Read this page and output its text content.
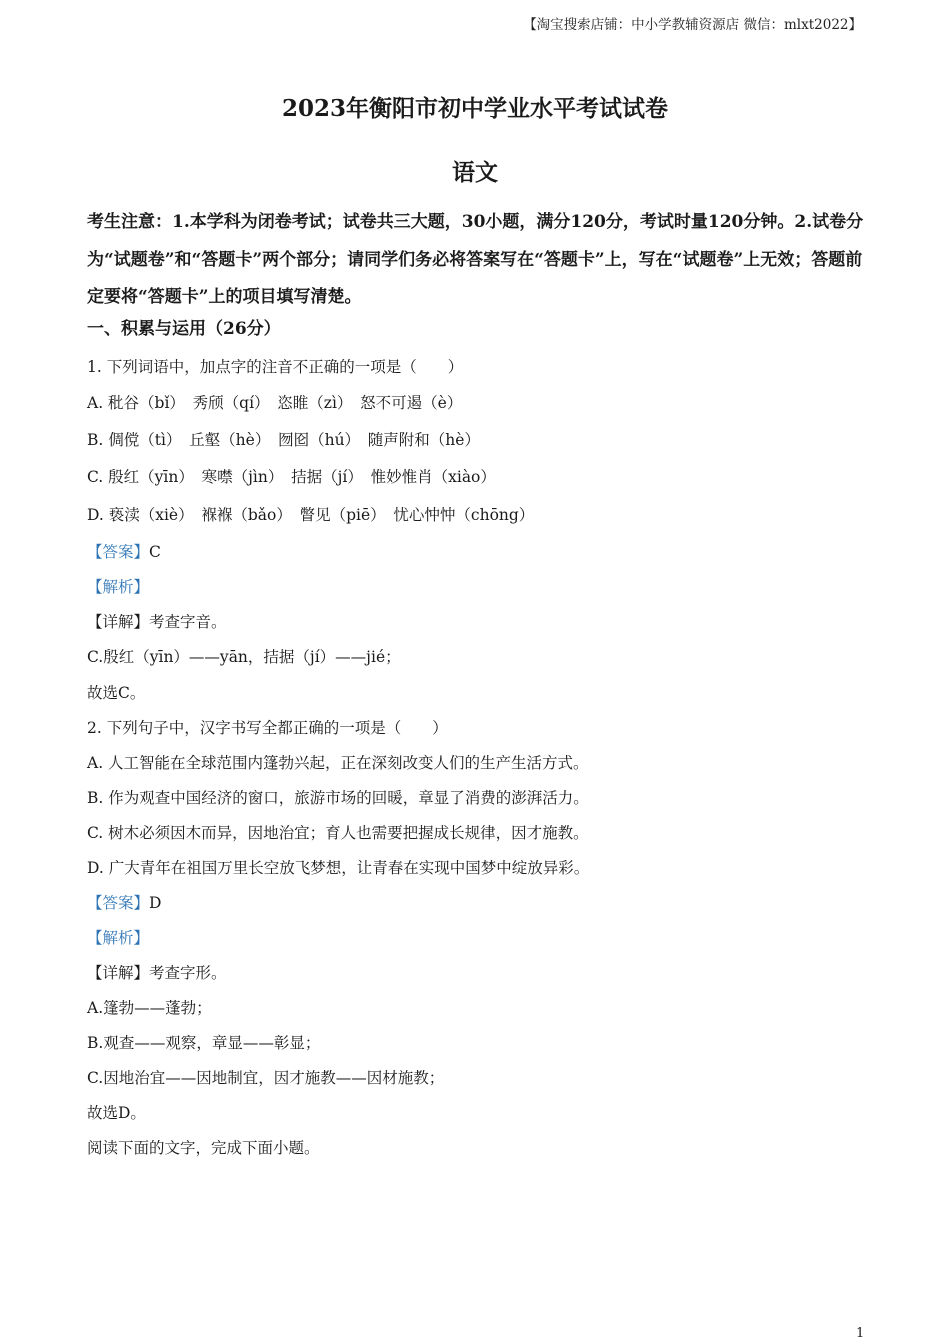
【淘宝搜索店铺：中小学教辅资源店 微信：mlxt2022】
2023年衡阳市初中学业水平考试试卷
语文
考生注意：1.本学科为闭卷考试；试卷共三大题，30小题，满分120分，考试时量120分钟。2.试卷分为“试题卷”和“答题卡”两个部分；请同学们务必将答案写在“答题卡”上，写在“试题卷”上无效；答题前定要将“答题卡”上的项目填写清楚。
一、积累与运用（26分）
1. 下列词语中，加点字的注音不正确的一项是（　　）
A. 秕谷（bǐ）　秀颀（qí）　恣睢（zì）　怒不可遏（è）
B. 倜傥（tì）　丘壑（hè）　囫囵（hú）　随声附和（hè）
C. 殷红（yīn）　寒噤（jìn）　拮据（jí）　惟妙惟肖（xiào）
D. 亵渎（xiè）　褓褓（bǎo）　瞥见（piē）　忧心忡忡（chōng）
【答案】C
【解析】
【详解】考查字音。
C.殷红（yīn）——yān，拮据（jí）——jié；
故选C。
2. 下列句子中，汉字书写全都正确的一项是（　　）
A. 人工智能在全球范围内篷勃兴起，正在深刻改变人们的生产生活方式。
B. 作为观查中国经济的窗口，旅游市场的回暖，章显了消费的澎湃活力。
C. 树木必须因木而异，因地治宜；育人也需要把握成长规律，因才施教。
D. 广大青年在祖国万里长空放飞梦想，让青春在实现中国梦中绽放异彩。
【答案】D
【解析】
【详解】考查字形。
A.篷勃——蓬勃；
B.观查——观察，章显——彰显；
C.因地治宜——因地制宜，因才施教——因材施教；
故选D。
阅读下面的文字，完成下面小题。
1
